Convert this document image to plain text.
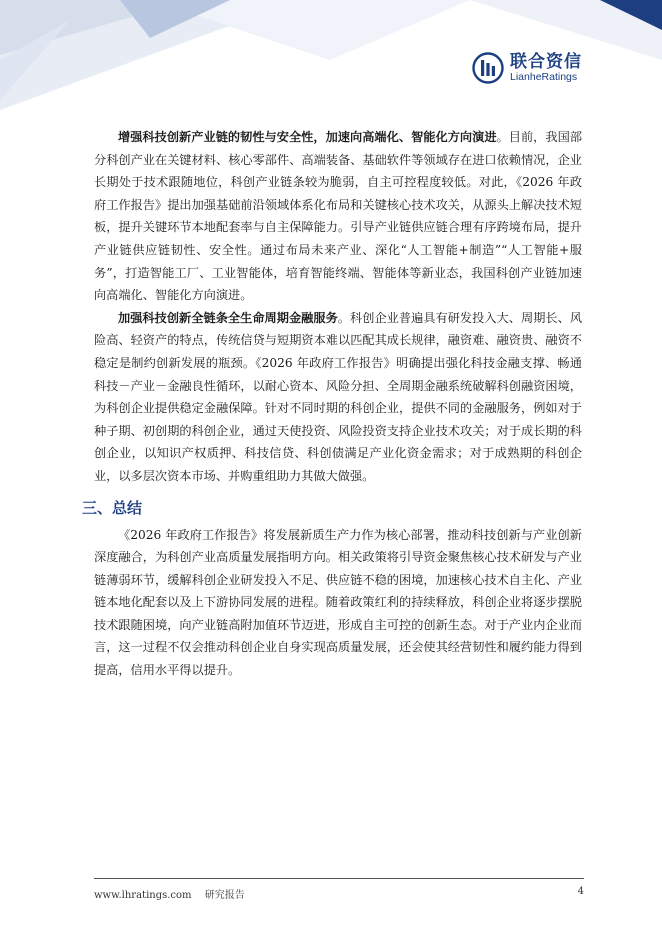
联合资信
LianheRatings

增强科技创新产业链的韧性与安全性，加速向高端化、智能化方向演进。目前，我国部分科创产业在关键材料、核心零部件、高端装备、基础软件等领域存在进口依赖情况，企业长期处于技术跟随地位，科创产业链条较为脆弱，自主可控程度较低。对此，《2026 年政府工作报告》提出加强基础前沿领域体系化布局和关键核心技术攻关，从源头上解决技术短板，提升关键环节本地配套率与自主保障能力。引导产业链供应链合理有序跨境布局，提升产业链供应链韧性、安全性。通过布局未来产业、深化“人工智能+制造”“人工智能+服务”，打造智能工厂、工业智能体，培育智能终端、智能体等新业态，我国科创产业链加速向高端化、智能化方向演进。

加强科技创新全链条全生命周期金融服务。科创企业普遍具有研发投入大、周期长、风险高、轻资产的特点，传统信贷与短期资本难以匹配其成长规律，融资难、融资贵、融资不稳定是制约创新发展的瓶颈。《2026 年政府工作报告》明确提出强化科技金融支撑、畅通科技－产业－金融良性循环，以耐心资本、风险分担、全周期金融系统破解科创融资困境，为科创企业提供稳定金融保障。针对不同时期的科创企业，提供不同的金融服务，例如对于种子期、初创期的科创企业，通过天使投资、风险投资支持企业技术攻关；对于成长期的科创企业，以知识产权质押、科技信贷、科创债满足产业化资金需求；对于成熟期的科创企业，以多层次资本市场、并购重组助力其做大做强。

三、总结

《2026 年政府工作报告》将发展新质生产力作为核心部署，推动科技创新与产业创新深度融合，为科创产业高质量发展指明方向。相关政策将引导资金聚焦核心技术研发与产业链薄弱环节，缓解科创企业研发投入不足、供应链不稳的困境，加速核心技术自主化、产业链本地化配套以及上下游协同发展的进程。随着政策红利的持续释放，科创企业将逐步摆脱技术跟随困境，向产业链高附加值环节迈进，形成自主可控的创新生态。对于产业内企业而言，这一过程不仅会推动科创企业自身实现高质量发展，还会使其经营韧性和履约能力得到提高，信用水平得以提升。

www.lhratings.com 研究报告	4
